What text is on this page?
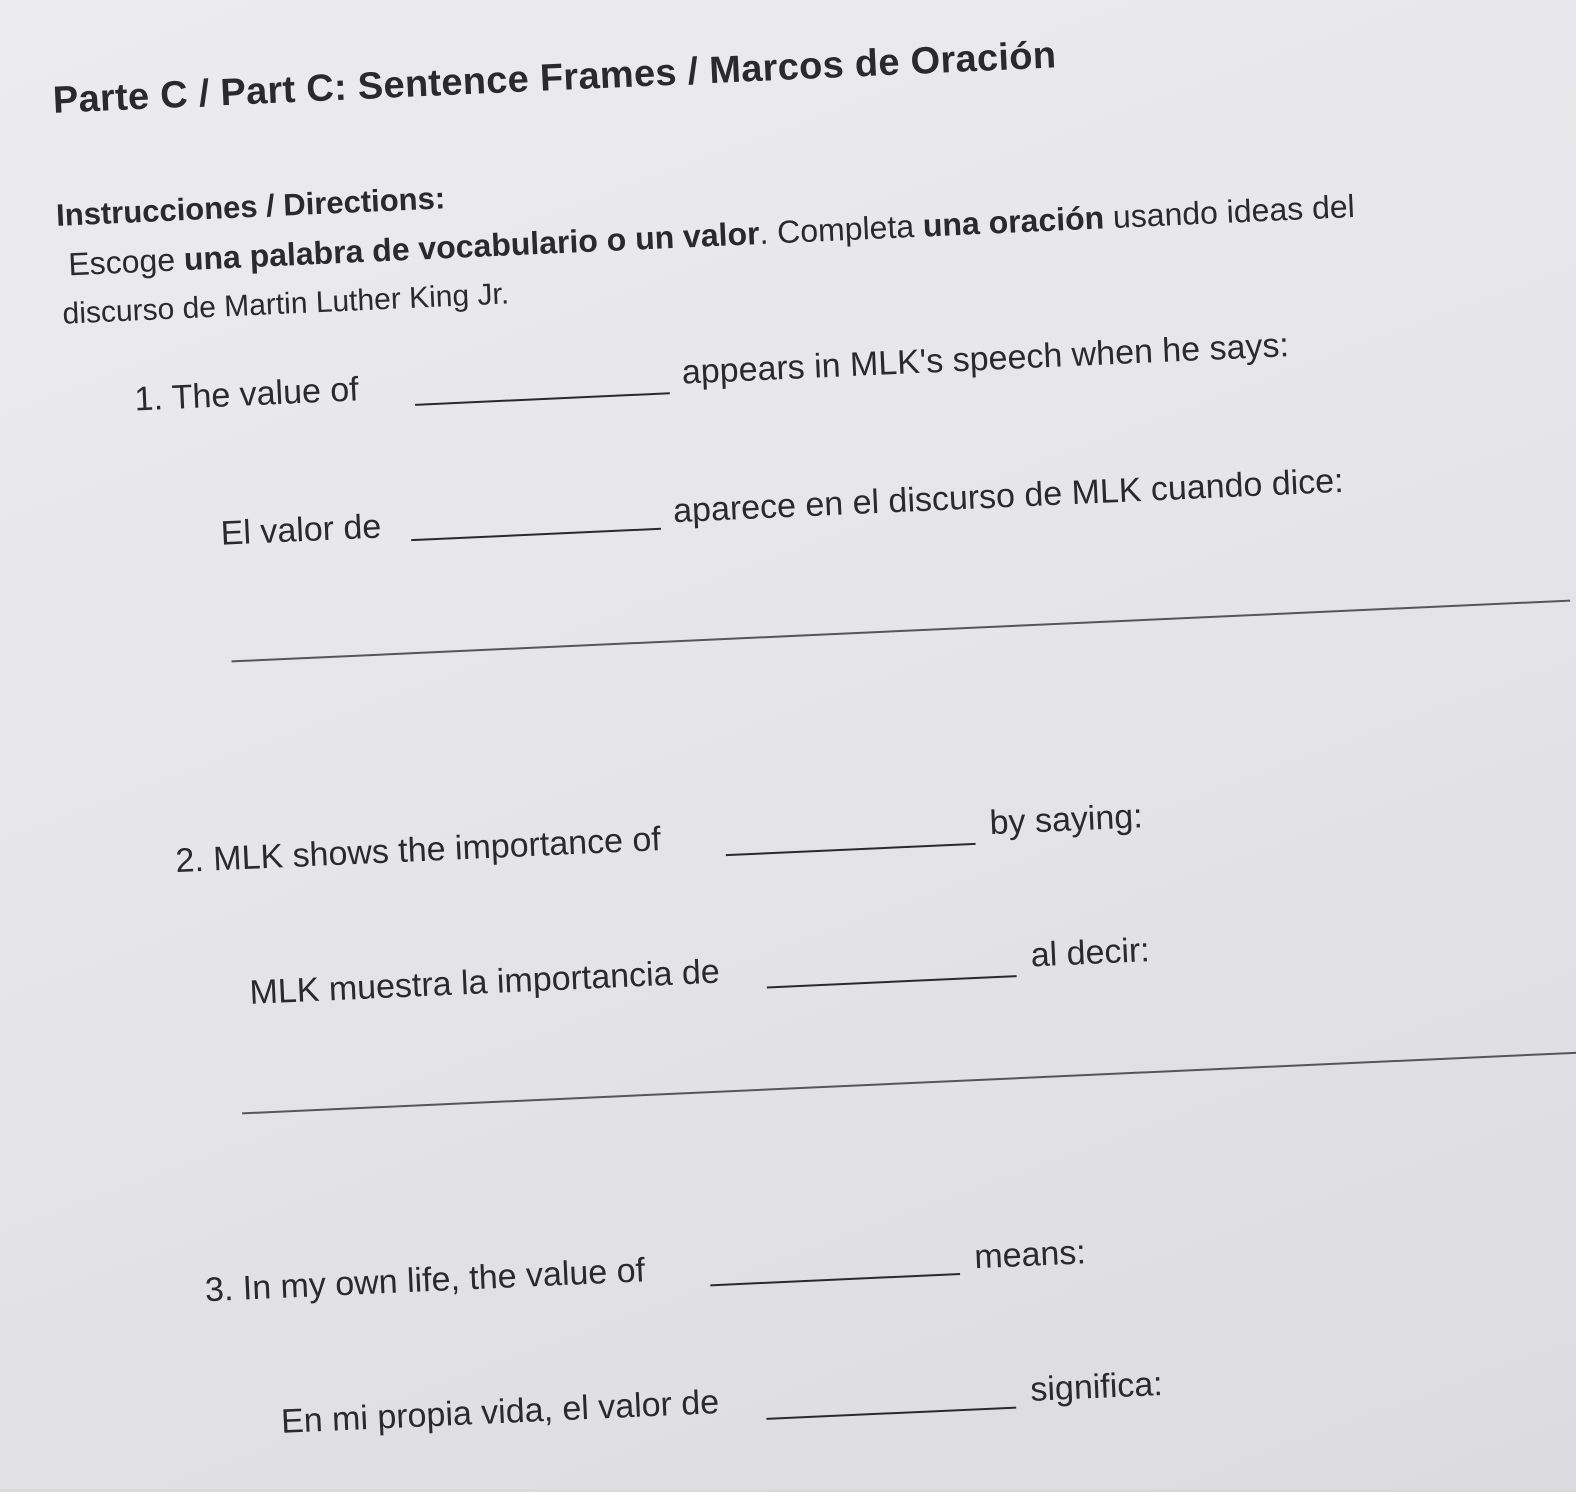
Parte C / Part C: Sentence Frames / Marcos de Oración
Instrucciones / Directions:
Escoge una palabra de vocabulario o un valor. Completa una oración usando ideas del
discurso de Martin Luther King Jr.
1. The value of
appears in MLK's speech when he says:
El valor de	aparece en el discurso de MLK cuando dice:
2. MLK shows the importance of
by saying:
MLK muestra la importancia de	al decir:
3. In my own life, the value of	means:
En mi propia vida, el valor de	significa:
